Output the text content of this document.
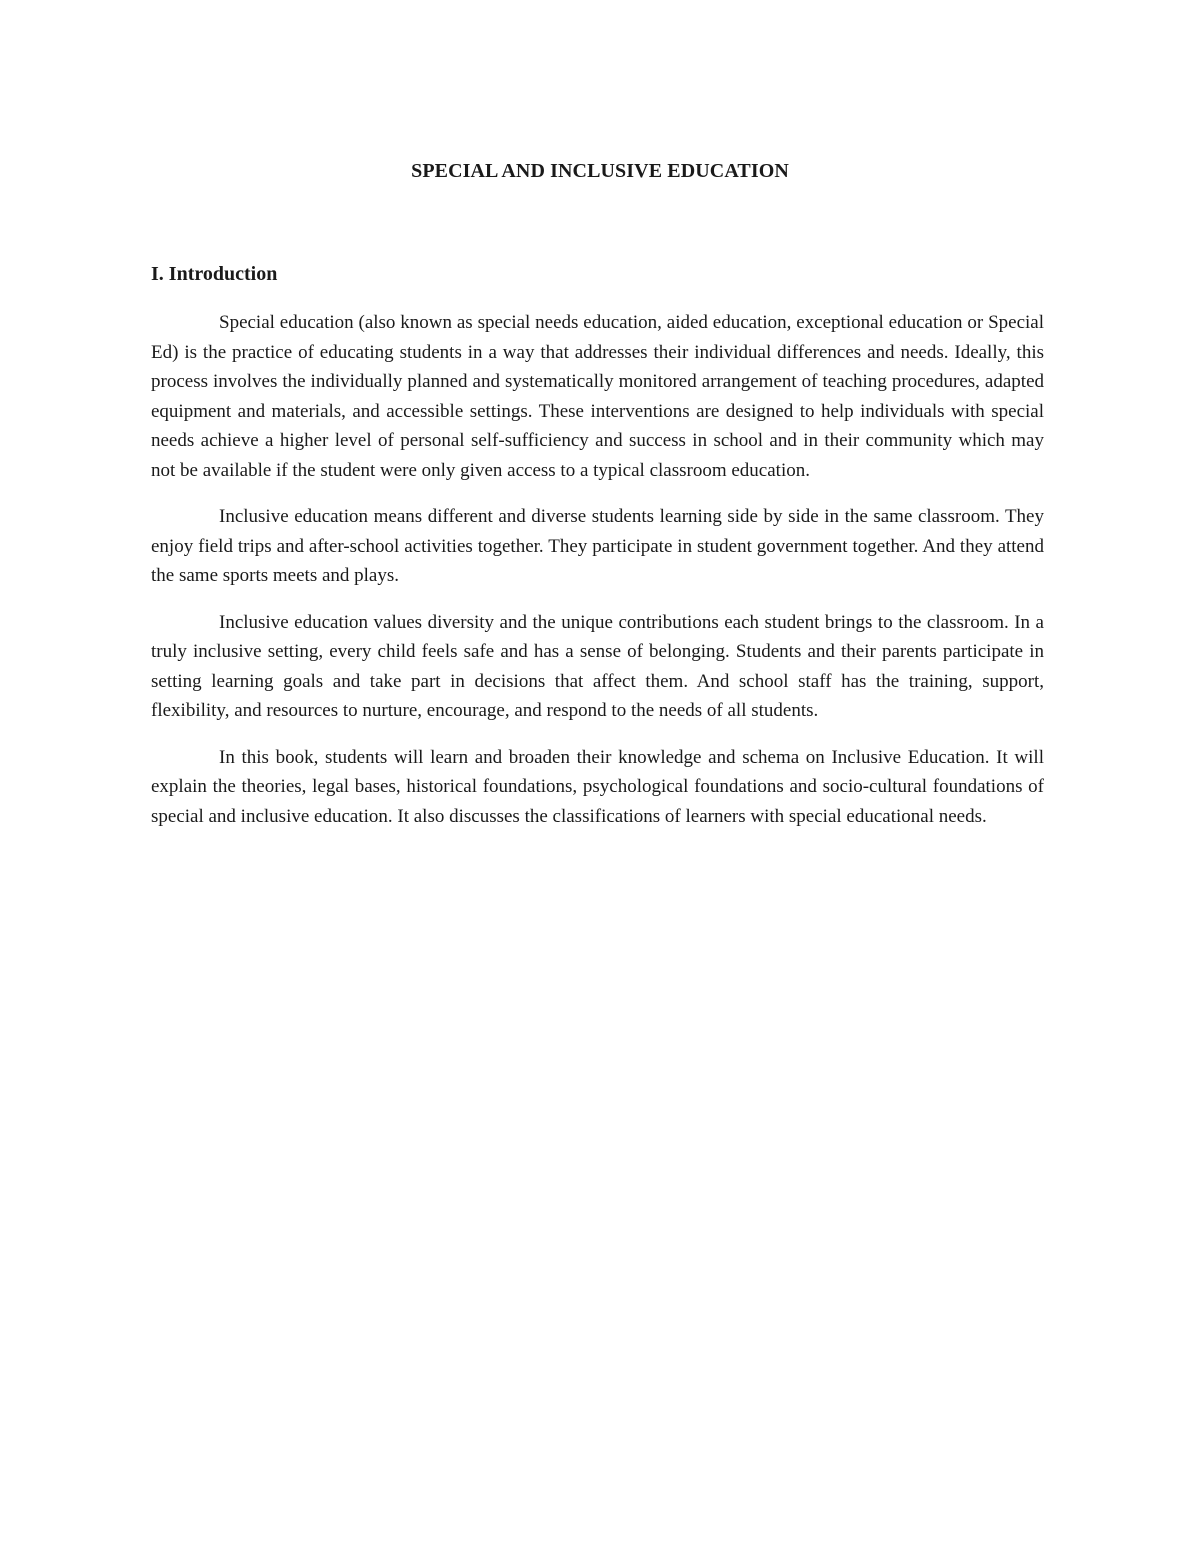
SPECIAL AND INCLUSIVE EDUCATION
I. Introduction

Special education (also known as special needs education, aided education, exceptional education or Special Ed) is the practice of educating students in a way that addresses their individual differences and needs. Ideally, this process involves the individually planned and systematically monitored arrangement of teaching procedures, adapted equipment and materials, and accessible settings. These interventions are designed to help individuals with special needs achieve a higher level of personal self-sufficiency and success in school and in their community which may not be available if the student were only given access to a typical classroom education.

Inclusive education means different and diverse students learning side by side in the same classroom. They enjoy field trips and after-school activities together. They participate in student government together. And they attend the same sports meets and plays.

Inclusive education values diversity and the unique contributions each student brings to the classroom. In a truly inclusive setting, every child feels safe and has a sense of belonging. Students and their parents participate in setting learning goals and take part in decisions that affect them. And school staff has the training, support, flexibility, and resources to nurture, encourage, and respond to the needs of all students.

In this book, students will learn and broaden their knowledge and schema on Inclusive Education. It will explain the theories, legal bases, historical foundations, psychological foundations and socio-cultural foundations of special and inclusive education. It also discusses the classifications of learners with special educational needs.
